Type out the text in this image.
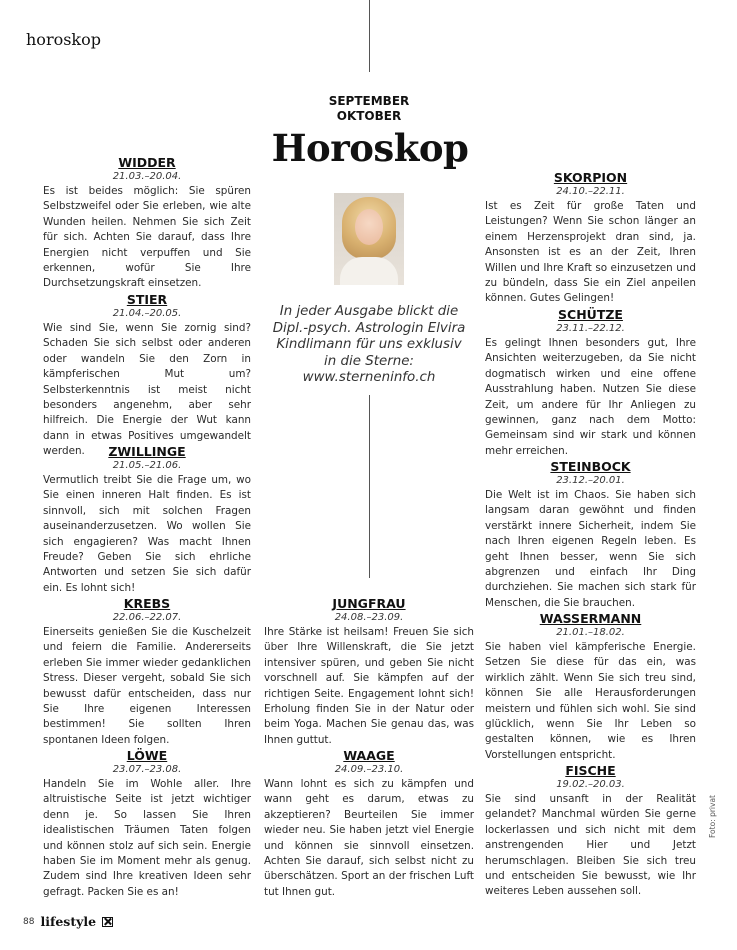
horoskop
SEPTEMBER
OKTOBER
Horoskop
In jeder Ausgabe blickt die Dipl.-psych. Astrologin Elvira Kindlimann für uns exklusiv in die Sterne: www.sterneninfo.ch
WIDDER
21.03.–20.04.

Es ist beides möglich: Sie spüren Selbstzweifel oder Sie erleben, wie alte Wunden heilen. Nehmen Sie sich Zeit für sich. Achten Sie darauf, dass Ihre Energien nicht verpuffen und Sie erkennen, wofür Sie Ihre Durchsetzungskraft einsetzen.

STIER
21.04.–20.05.

Wie sind Sie, wenn Sie zornig sind? Schaden Sie sich selbst oder anderen oder wandeln Sie den Zorn in kämpferischen Mut um? Selbsterkenntnis ist meist nicht besonders angenehm, aber sehr hilfreich. Die Energie der Wut kann dann in etwas Positives umgewandelt werden.	ZWILLINGE
21.05.–21.06.

Vermutlich treibt Sie die Frage um, wo Sie einen inneren Halt finden. Es ist sinnvoll, sich mit solchen Fragen auseinanderzusetzen. Wo wollen Sie sich engagieren? Was macht Ihnen Freude? Geben Sie sich ehrliche Antworten und setzen Sie sich dafür ein. Es lohnt sich!

KREBS
22.06.–22.07.

Einerseits genießen Sie die Kuschelzeit und feiern die Familie. Andererseits erleben Sie immer wieder gedanklichen Stress. Dieser vergeht, sobald Sie sich bewusst dafür entscheiden, dass nur Sie Ihre eigenen Interessen bestimmen! Sie sollten Ihren spontanen Ideen folgen.

LÖWE
23.07.–23.08.

Handeln Sie im Wohle aller. Ihre altruistische Seite ist jetzt wichtiger denn je. So lassen Sie Ihren idealistischen Träumen Taten folgen und können stolz auf sich sein. Energie haben Sie im Moment mehr als genug. Zudem sind Ihre kreativen Ideen sehr gefragt. Packen Sie es an!

JUNGFRAU
24.08.–23.09.

Ihre Stärke ist heilsam! Freuen Sie sich über Ihre Willenskraft, die Sie jetzt intensiver spüren, und geben Sie nicht vorschnell auf. Sie kämpfen auf der richtigen Seite. Engagement lohnt sich! Erholung finden Sie in der Natur oder beim Yoga. Machen Sie genau das, was Ihnen guttut.

WAAGE
24.09.–23.10.

Wann lohnt es sich zu kämpfen und wann geht es darum, etwas zu akzeptieren? Beurteilen Sie immer wieder neu. Sie haben jetzt viel Energie und können sie sinnvoll einsetzen. Achten Sie darauf, sich selbst nicht zu überschätzen. Sport an der frischen Luft tut Ihnen gut.

SKORPION
24.10.–22.11.

Ist es Zeit für große Taten und Leistungen? Wenn Sie schon länger an einem Herzensprojekt dran sind, ja. Ansonsten ist es an der Zeit, Ihren Willen und Ihre Kraft so einzusetzen und zu bündeln, dass Sie ein Ziel anpeilen können. Gutes Gelingen!

SCHÜTZE
23.11.–22.12.

Es gelingt Ihnen besonders gut, Ihre Ansichten weiterzugeben, da Sie nicht dogmatisch wirken und eine offene Ausstrahlung haben. Nutzen Sie diese Zeit, um andere für Ihr Anliegen zu gewinnen, ganz nach dem Motto: Gemeinsam sind wir stark und können mehr erreichen.

STEINBOCK
23.12.–20.01.

Die Welt ist im Chaos. Sie haben sich langsam daran gewöhnt und finden verstärkt innere Sicherheit, indem Sie nach Ihren eigenen Regeln leben. Es geht Ihnen besser, wenn Sie sich abgrenzen und einfach Ihr Ding durchziehen. Sie machen sich stark für Menschen, die Sie brauchen.

WASSERMANN
21.01.–18.02.

Sie haben viel kämpferische Energie. Setzen Sie diese für das ein, was wirklich zählt. Wenn Sie sich treu sind, können Sie alle Herausforderungen meistern und fühlen sich wohl. Sie sind glücklich, wenn Sie Ihr Leben so gestalten können, wie es Ihren Vorstellungen entspricht.

FISCHE
19.02.–20.03.

Sie sind unsanft in der Realität gelandet? Manchmal würden Sie gerne lockerlassen und sich nicht mit dem anstrengenden Hier und Jetzt herumschlagen. Bleiben Sie sich treu und entscheiden Sie bewusst, wie Ihr weiteres Leben aussehen soll.

Foto: privat
88 lifestyle
